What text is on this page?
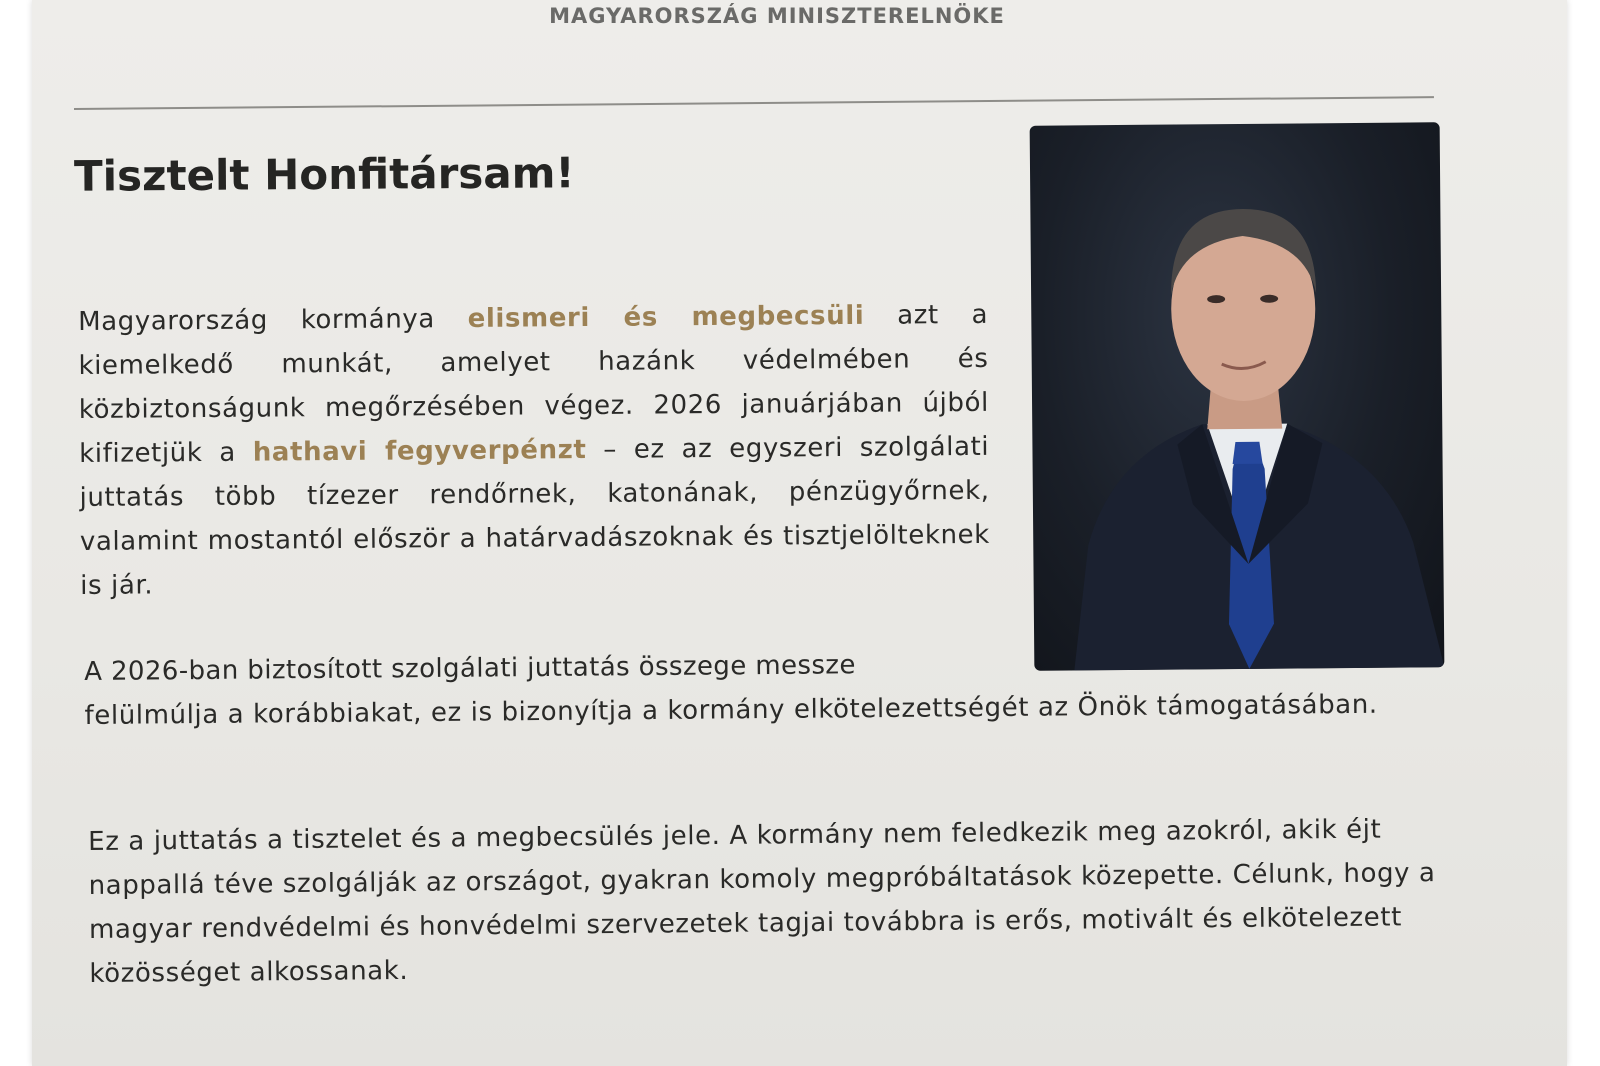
MAGYARORSZÁG MINISZTERELNÖKE
Tisztelt Honfitársam!
Magyarország kormánya elismeri és megbecsüli azt a kiemelkedő munkát, amelyet hazánk védelmében és közbiztonságunk megőrzésében végez. 2026 januárjában újból kifizetjük a hathavi fegyverpénzt – ez az egyszeri szolgálati juttatás több tízezer rendőrnek, katonának, pénzügyőrnek, valamint mostantól először a határvadászoknak és tisztjelölteknek is jár.
A 2026-ban biztosított szolgálati juttatás összege messze
felülmúlja a korábbiakat, ez is bizonyítja a kormány elkötelezettségét az Önök támogatásában.
Ez a juttatás a tisztelet és a megbecsülés jele. A kormány nem feledkezik meg azokról, akik éjt nappallá téve szolgálják az országot, gyakran komoly megpróbáltatások közepette. Célunk, hogy a magyar rendvédelmi és honvédelmi szervezetek tagjai továbbra is erős, motivált és elkötelezett közösséget alkossanak.
